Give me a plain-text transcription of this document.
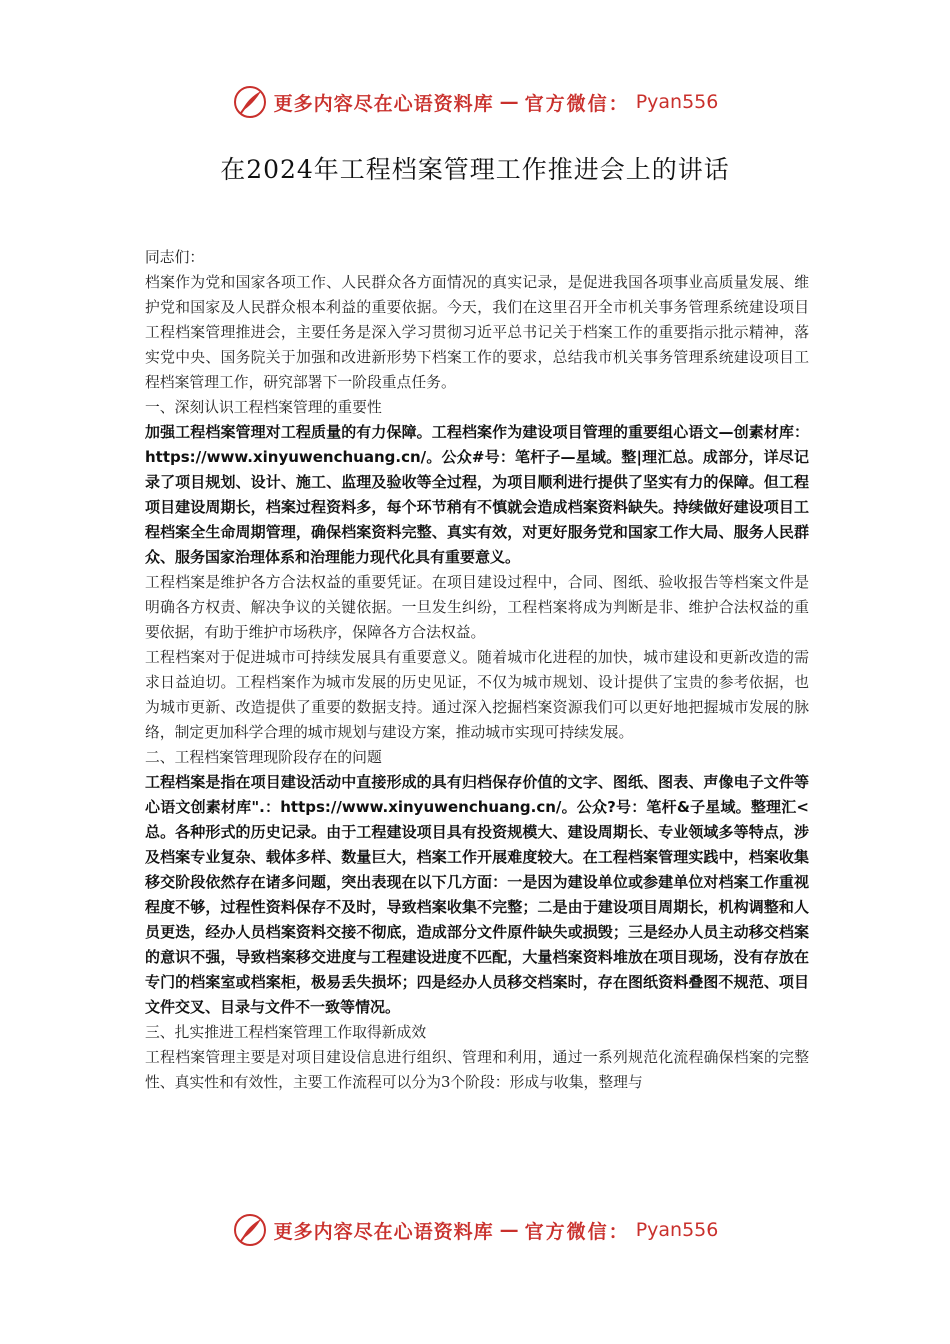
更多内容尽在心语资料库 — 官方微信： Pyan556
在2024年工程档案管理工作推进会上的讲话

同志们：

档案作为党和国家各项工作、人民群众各方面情况的真实记录，是促进我国各项事业高质量发展、维护党和国家及人民群众根本利益的重要依据。今天，我们在这里召开全市机关事务管理系统建设项目工程档案管理推进会，主要任务是深入学习贯彻习近平总书记关于档案工作的重要指示批示精神，落实党中央、国务院关于加强和改进新形势下档案工作的要求，总结我市机关事务管理系统建设项目工程档案管理工作，研究部署下一阶段重点任务。

一、深刻认识工程档案管理的重要性

加强工程档案管理对工程质量的有力保障。工程档案作为建设项目管理的重要组心语文—创素材库：https://www.xinyuwenchuang.cn/。公众#号：笔杆子—星域。整|理汇总。成部分，详尽记录了项目规划、设计、施工、监理及验收等全过程，为项目顺利进行提供了坚实有力的保障。但工程项目建设周期长，档案过程资料多，每个环节稍有不慎就会造成档案资料缺失。持续做好建设项目工程档案全生命周期管理，确保档案资料完整、真实有效，对更好服务党和国家工作大局、服务人民群众、服务国家治理体系和治理能力现代化具有重要意义。

工程档案是维护各方合法权益的重要凭证。在项目建设过程中，合同、图纸、验收报告等档案文件是明确各方权责、解决争议的关键依据。一旦发生纠纷，工程档案将成为判断是非、维护合法权益的重要依据，有助于维护市场秩序，保障各方合法权益。

工程档案对于促进城市可持续发展具有重要意义。随着城市化进程的加快，城市建设和更新改造的需求日益迫切。工程档案作为城市发展的历史见证，不仅为城市规划、设计提供了宝贵的参考依据，也为城市更新、改造提供了重要的数据支持。通过深入挖掘档案资源我们可以更好地把握城市发展的脉络，制定更加科学合理的城市规划与建设方案，推动城市实现可持续发展。

二、工程档案管理现阶段存在的问题

工程档案是指在项目建设活动中直接形成的具有归档保存价值的文字、图纸、图表、声像电子文件等心语文创素材库".：https://www.xinyuwenchuang.cn/。公众?号：笔杆&子星域。整理汇<总。各种形式的历史记录。由于工程建设项目具有投资规模大、建设周期长、专业领域多等特点，涉及档案专业复杂、载体多样、数量巨大，档案工作开展难度较大。在工程档案管理实践中，档案收集移交阶段依然存在诸多问题，突出表现在以下几方面：一是因为建设单位或参建单位对档案工作重视程度不够，过程性资料保存不及时，导致档案收集不完整；二是由于建设项目周期长，机构调整和人员更迭，经办人员档案资料交接不彻底，造成部分文件原件缺失或损毁；三是经办人员主动移交档案的意识不强，导致档案移交进度与工程建设进度不匹配，大量档案资料堆放在项目现场，没有存放在专门的档案室或档案柜，极易丢失损坏；四是经办人员移交档案时，存在图纸资料叠图不规范、项目文件交叉、目录与文件不一致等情况。

三、扎实推进工程档案管理工作取得新成效

工程档案管理主要是对项目建设信息进行组织、管理和利用，通过一系列规范化流程确保档案的完整性、真实性和有效性，主要工作流程可以分为3个阶段：形成与收集，整理与

更多内容尽在心语资料库 — 官方微信： Pyan556
